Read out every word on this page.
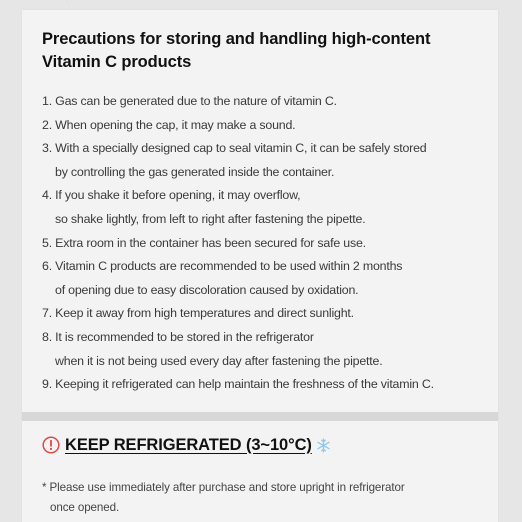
Precautions for storing and handling high-content
Vitamin C products
1. Gas can be generated due to the nature of vitamin C.
2. When opening the cap, it may make a sound.
3. With a specially designed cap to seal vitamin C, it can be safely stored
by controlling the gas generated inside the container.
4. If you shake it before opening, it may overflow,
so shake lightly, from left to right after fastening the pipette.
5. Extra room in the container has been secured for safe use.
6. Vitamin C products are recommended to be used within 2 months
of opening due to easy discoloration caused by oxidation.
7. Keep it away from high temperatures and direct sunlight.
8. It is recommended to be stored in the refrigerator
when it is not being used every day after fastening the pipette.
9. Keeping it refrigerated can help maintain the freshness of the vitamin C.
KEEP REFRIGERATED (3~10°C)

* Please use immediately after purchase and store upright in refrigerator
once opened.
